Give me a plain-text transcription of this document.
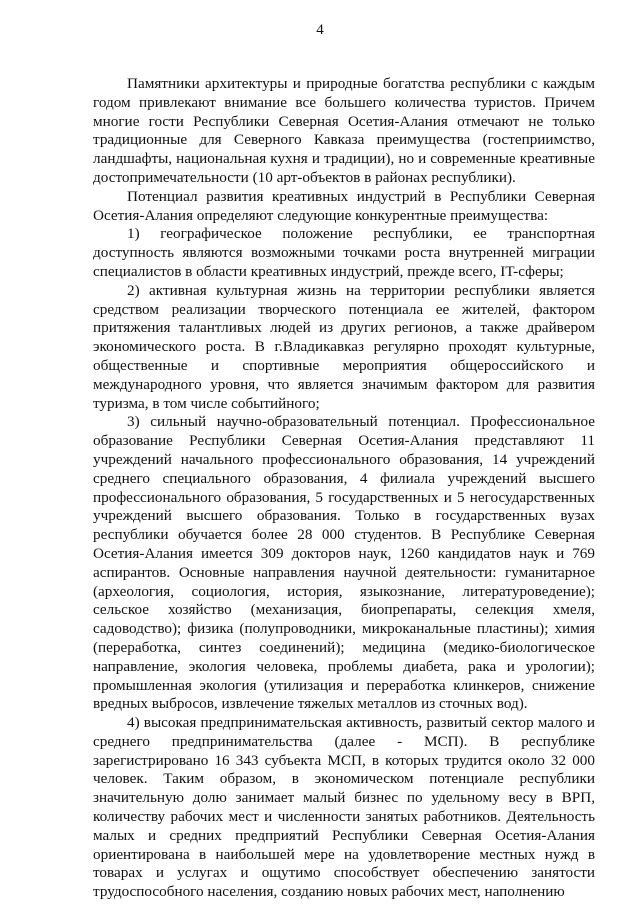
4

Памятники архитектуры и природные богатства республики с каждым годом привлекают внимание все большего количества туристов. Причем многие гости Республики Северная Осетия-Алания отмечают не только традиционные для Северного Кавказа преимущества (гостеприимство, ландшафты, национальная кухня и традиции), но и современные креативные достопримечательности (10 арт-объектов в районах республики).

Потенциал развития креативных индустрий в Республики Северная Осетия-Алания определяют следующие конкурентные преимущества:

1) географическое положение республики, ее транспортная доступность являются возможными точками роста внутренней миграции специалистов в области креативных индустрий, прежде всего, IT-сферы;

2) активная культурная жизнь на территории республики является средством реализации творческого потенциала ее жителей, фактором притяжения талантливых людей из других регионов, а также драйвером экономического роста. В г.Владикавказ регулярно проходят культурные, общественные и спортивные мероприятия общероссийского и международного уровня, что является значимым фактором для развития туризма, в том числе событийного;

3) сильный научно-образовательный потенциал. Профессиональное образование Республики Северная Осетия-Алания представляют 11 учреждений начального профессионального образования, 14 учреждений среднего специального образования, 4 филиала учреждений высшего профессионального образования, 5 государственных и 5 негосударственных учреждений высшего образования. Только в государственных вузах республики обучается более 28 000 студентов. В Республике Северная Осетия-Алания имеется 309 докторов наук, 1260 кандидатов наук и 769 аспирантов. Основные направления научной деятельности: гуманитарное (археология, социология, история, языкознание, литературоведение); сельское хозяйство (механизация, биопрепараты, селекция хмеля, садоводство); физика (полупроводники, микроканальные пластины); химия (переработка, синтез соединений); медицина (медико-биологическое направление, экология человека, проблемы диабета, рака и урологии); промышленная экология (утилизация и переработка клинкеров, снижение вредных выбросов, извлечение тяжелых металлов из сточных вод).

4) высокая предпринимательская активность, развитый сектор малого и среднего предпринимательства (далее - МСП). В республике зарегистрировано 16 343 субъекта МСП, в которых трудится около 32 000 человек. Таким образом, в экономическом потенциале республики значительную долю занимает малый бизнес по удельному весу в ВРП, количеству рабочих мест и численности занятых работников. Деятельность малых и средних предприятий Республики Северная Осетия-Алания ориентирована в наибольшей мере на удовлетворение местных нужд в товарах и услугах и ощутимо способствует обеспечению занятости трудоспособного населения, созданию новых рабочих мест, наполнению
